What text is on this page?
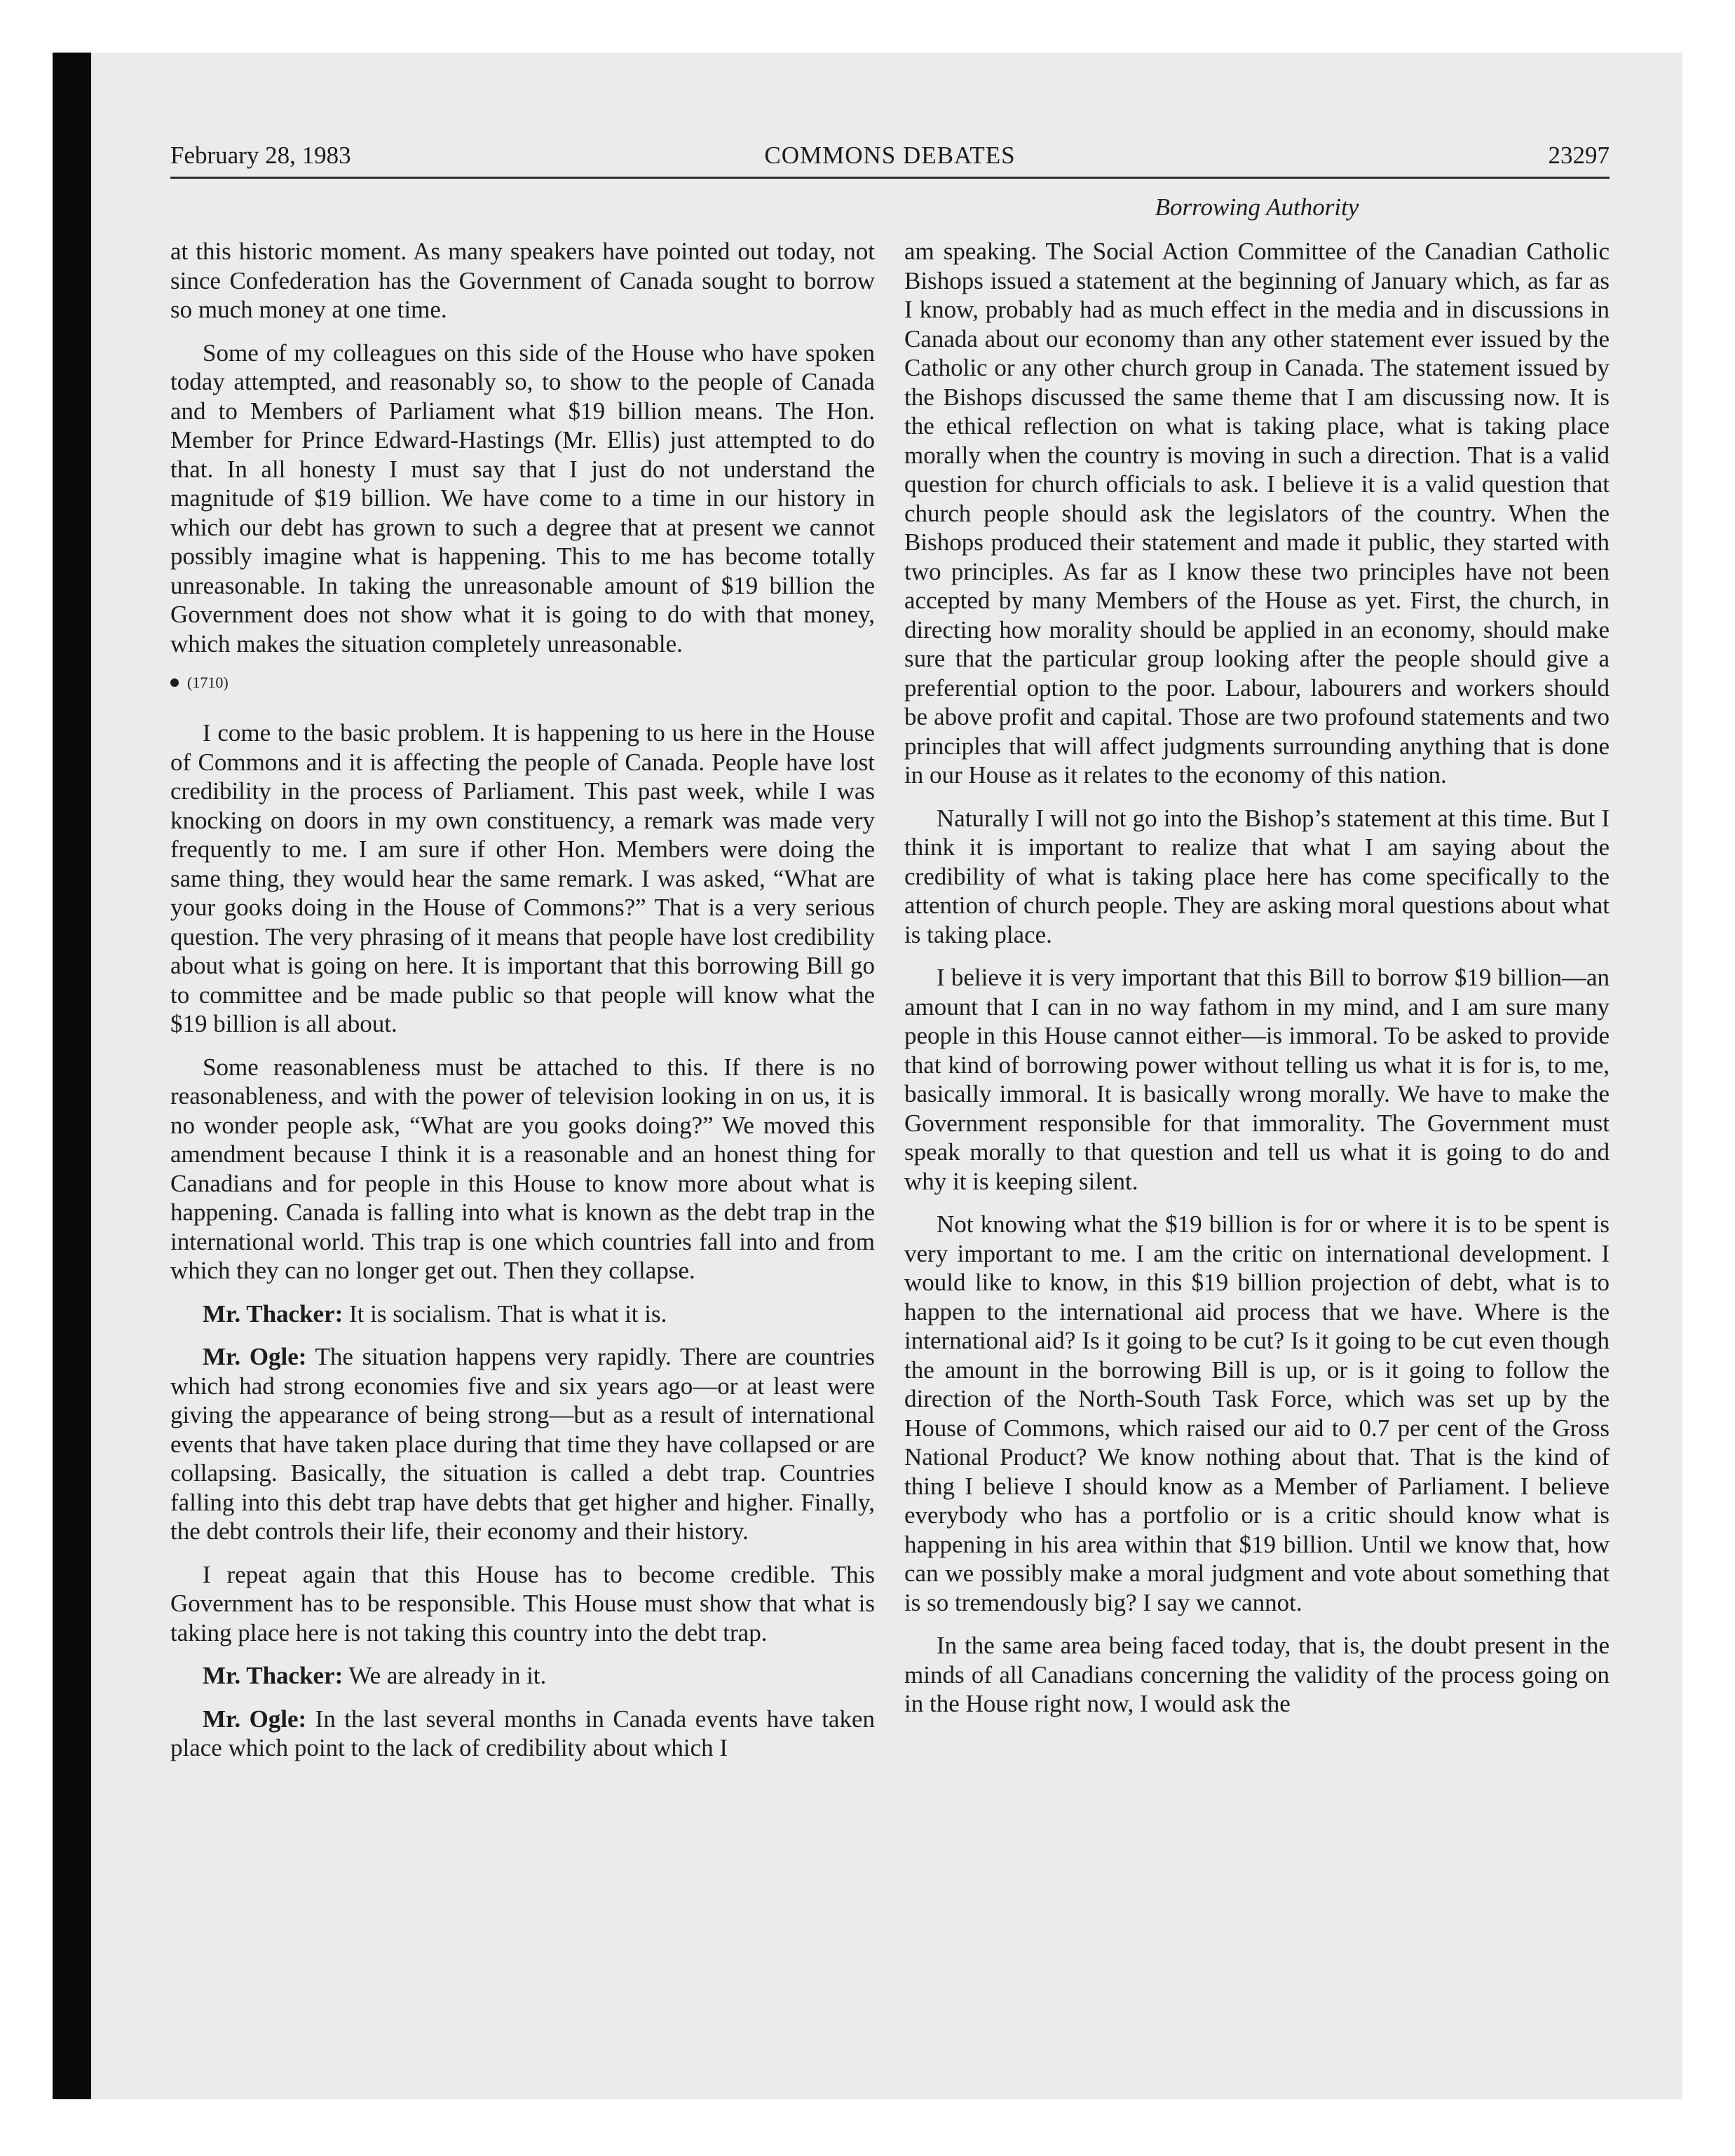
February 28, 1983	COMMONS DEBATES	23297
Borrowing Authority

at this historic moment. As many speakers have pointed out today, not since Confederation has the Government of Canada sought to borrow so much money at one time.

Some of my colleagues on this side of the House who have spoken today attempted, and reasonably so, to show to the people of Canada and to Members of Parliament what $19 billion means. The Hon. Member for Prince Edward-Hastings (Mr. Ellis) just attempted to do that. In all honesty I must say that I just do not understand the magnitude of $19 billion. We have come to a time in our history in which our debt has grown to such a degree that at present we cannot possibly imagine what is happening. This to me has become totally unreasonable. In taking the unreasonable amount of $19 billion the Government does not show what it is going to do with that money, which makes the situation completely unreasonable.

(1710)

I come to the basic problem. It is happening to us here in the House of Commons and it is affecting the people of Canada. People have lost credibility in the process of Parliament. This past week, while I was knocking on doors in my own constituency, a remark was made very frequently to me. I am sure if other Hon. Members were doing the same thing, they would hear the same remark. I was asked, “What are your gooks doing in the House of Commons?” That is a very serious question. The very phrasing of it means that people have lost credibility about what is going on here. It is important that this borrowing Bill go to committee and be made public so that people will know what the $19 billion is all about.

Some reasonableness must be attached to this. If there is no reasonableness, and with the power of television looking in on us, it is no wonder people ask, “What are you gooks doing?” We moved this amendment because I think it is a reasonable and an honest thing for Canadians and for people in this House to know more about what is happening. Canada is falling into what is known as the debt trap in the international world. This trap is one which countries fall into and from which they can no longer get out. Then they collapse.

Mr. Thacker: It is socialism. That is what it is.

Mr. Ogle: The situation happens very rapidly. There are countries which had strong economies five and six years ago—or at least were giving the appearance of being strong—but as a result of international events that have taken place during that time they have collapsed or are collapsing. Basically, the situation is called a debt trap. Countries falling into this debt trap have debts that get higher and higher. Finally, the debt controls their life, their economy and their history.

I repeat again that this House has to become credible. This Government has to be responsible. This House must show that what is taking place here is not taking this country into the debt trap.

Mr. Thacker: We are already in it.

Mr. Ogle: In the last several months in Canada events have taken place which point to the lack of credibility about which I

am speaking. The Social Action Committee of the Canadian Catholic Bishops issued a statement at the beginning of January which, as far as I know, probably had as much effect in the media and in discussions in Canada about our economy than any other statement ever issued by the Catholic or any other church group in Canada. The statement issued by the Bishops discussed the same theme that I am discussing now. It is the ethical reflection on what is taking place, what is taking place morally when the country is moving in such a direction. That is a valid question for church officials to ask. I believe it is a valid question that church people should ask the legislators of the country. When the Bishops produced their statement and made it public, they started with two principles. As far as I know these two principles have not been accepted by many Members of the House as yet. First, the church, in directing how morality should be applied in an economy, should make sure that the particular group looking after the people should give a preferential option to the poor. Labour, labourers and workers should be above profit and capital. Those are two profound statements and two principles that will affect judgments surrounding anything that is done in our House as it relates to the economy of this nation.

Naturally I will not go into the Bishop’s statement at this time. But I think it is important to realize that what I am saying about the credibility of what is taking place here has come specifically to the attention of church people. They are asking moral questions about what is taking place.

I believe it is very important that this Bill to borrow $19 billion—an amount that I can in no way fathom in my mind, and I am sure many people in this House cannot either—is immoral. To be asked to provide that kind of borrowing power without telling us what it is for is, to me, basically immoral. It is basically wrong morally. We have to make the Government responsible for that immorality. The Government must speak morally to that question and tell us what it is going to do and why it is keeping silent.

Not knowing what the $19 billion is for or where it is to be spent is very important to me. I am the critic on international development. I would like to know, in this $19 billion projection of debt, what is to happen to the international aid process that we have. Where is the international aid? Is it going to be cut? Is it going to be cut even though the amount in the borrowing Bill is up, or is it going to follow the direction of the North-South Task Force, which was set up by the House of Commons, which raised our aid to 0.7 per cent of the Gross National Product? We know nothing about that. That is the kind of thing I believe I should know as a Member of Parliament. I believe everybody who has a portfolio or is a critic should know what is happening in his area within that $19 billion. Until we know that, how can we possibly make a moral judgment and vote about something that is so tremendously big? I say we cannot.

In the same area being faced today, that is, the doubt present in the minds of all Canadians concerning the validity of the process going on in the House right now, I would ask the
